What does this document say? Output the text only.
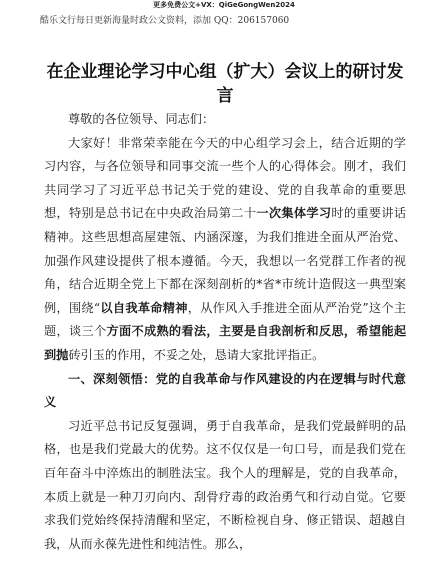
更多免费公文+VX：QiGeGongWen2024
酷乐文行每日更新海量时政公文资料，添加 QQ：206157060
在企业理论学习中心组（扩大）会议上的研讨发言

尊敬的各位领导、同志们：

大家好！非常荣幸能在今天的中心组学习会上，结合近期的学习内容，与各位领导和同事交流一些个人的心得体会。刚才，我们共同学习了习近平总书记关于党的建设、党的自我革命的重要思想，特别是总书记在中央政治局第二十一次集体学习时的重要讲话精神。这些思想高屋建瓴、内涵深邃，为我们推进全面从严治党、加强作风建设提供了根本遵循。今天，我想以一名党群工作者的视角，结合近期全党上下都在深刻剖析的*省*市统计造假这一典型案例，围绕“以自我革命精神，从作风入手推进全面从严治党”这个主题，谈三个方面不成熟的看法，主要是自我剖析和反思，希望能起到抛砖引玉的作用，不妥之处，恳请大家批评指正。

一、深刻领悟：党的自我革命与作风建设的内在逻辑与时代意义

习近平总书记反复强调，勇于自我革命，是我们党最鲜明的品格，也是我们党最大的优势。这不仅仅是一句口号，而是我们党在百年奋斗中淬炼出的制胜法宝。我个人的理解是，党的自我革命，本质上就是一种刀刃向内、刮骨疗毒的政治勇气和行动自觉。它要求我们党始终保持清醒和坚定，不断检视自身、修正错误、超越自我，从而永葆先进性和纯洁性。那么，
